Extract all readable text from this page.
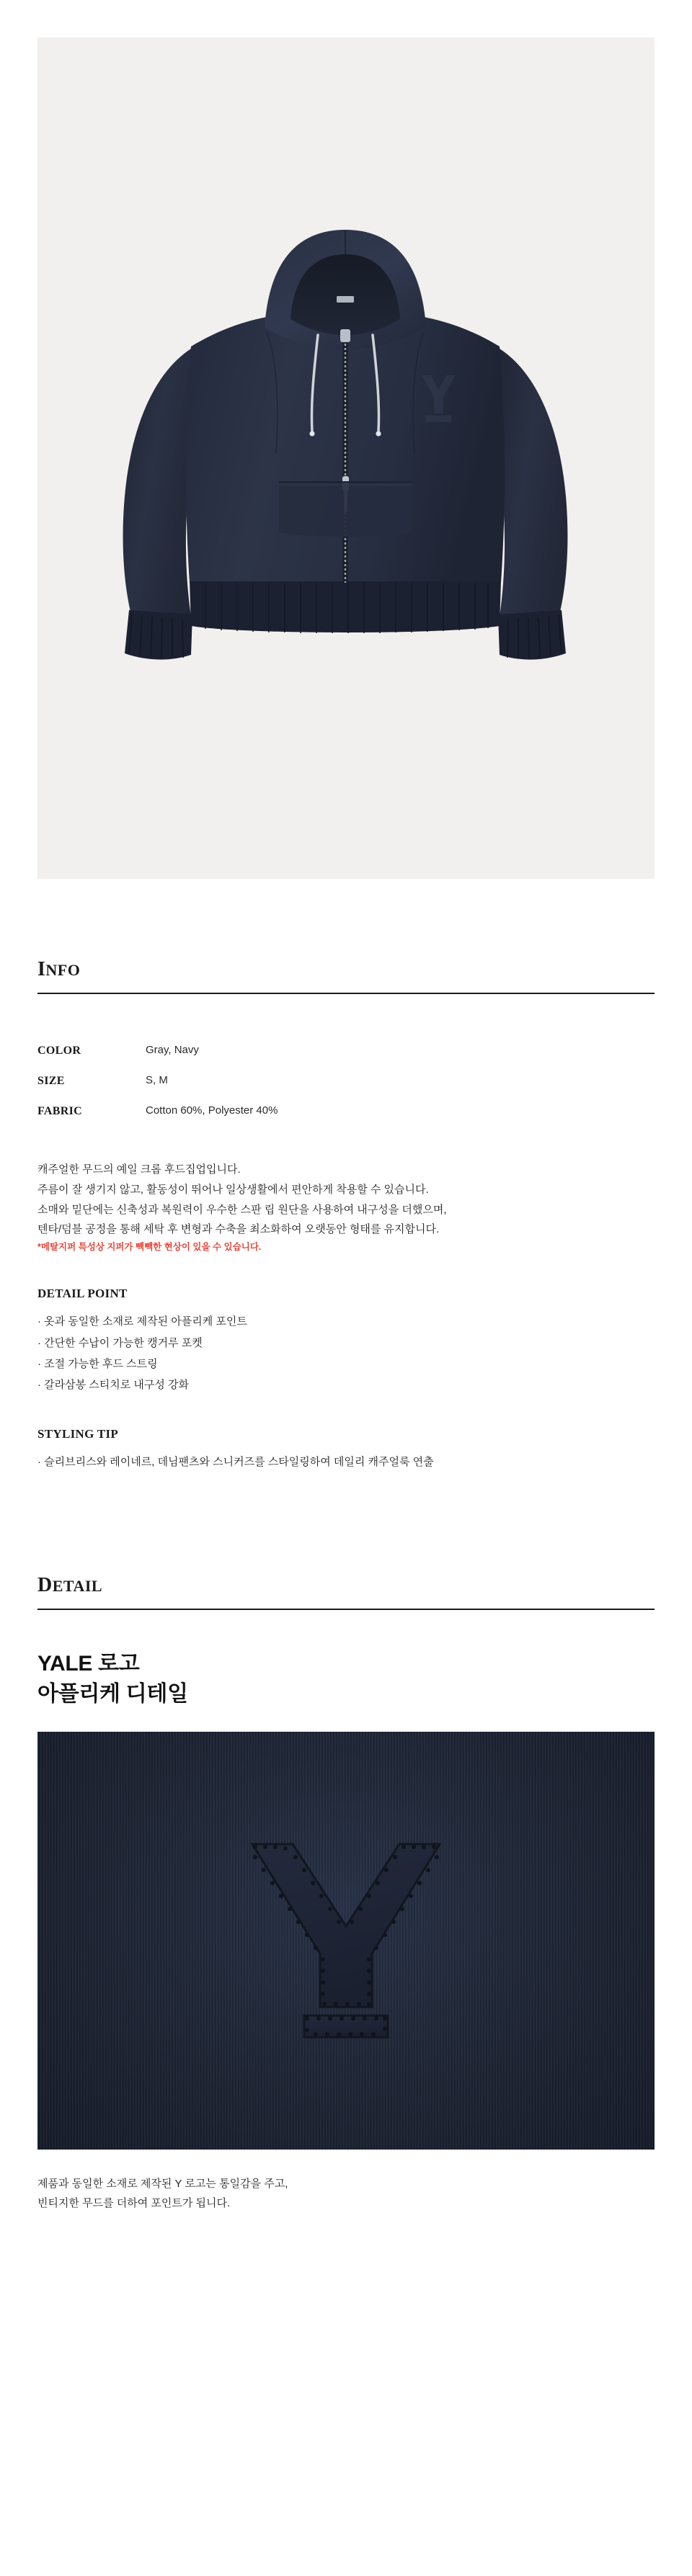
INFO
COLOR	Gray, Navy
SIZE	S, M
FABRIC	Cotton 60%, Polyester 40%

캐주얼한 무드의 예일 크롭 후드집업입니다.

주름이 잘 생기지 않고, 활동성이 뛰어나 일상생활에서 편안하게 착용할 수 있습니다.

소매와 밑단에는 신축성과 복원력이 우수한 스판 립 원단을 사용하여 내구성을 더했으며,

텐타/덤블 공정을 통해 세탁 후 변형과 수축을 최소화하여 오랫동안 형태를 유지합니다.

*메탈지퍼 특성상 지퍼가 빽빽한 현상이 있을 수 있습니다.

DETAIL POINT
· 옷과 동일한 소재로 제작된 아플리케 포인트
· 간단한 수납이 가능한 캥거루 포켓
· 조절 가능한 후드 스트링
· 갈라삼봉 스티치로 내구성 강화
STYLING TIP
· 슬리브리스와 레이네르, 데님팬츠와 스니커즈를 스타일링하여 데일리 캐주얼룩 연출
DETAIL
YALE 로고
아플리케 디테일
제품과 동일한 소재로 제작된 Y 로고는 통일감을 주고,
빈티지한 무드를 더하여 포인트가 됩니다.
